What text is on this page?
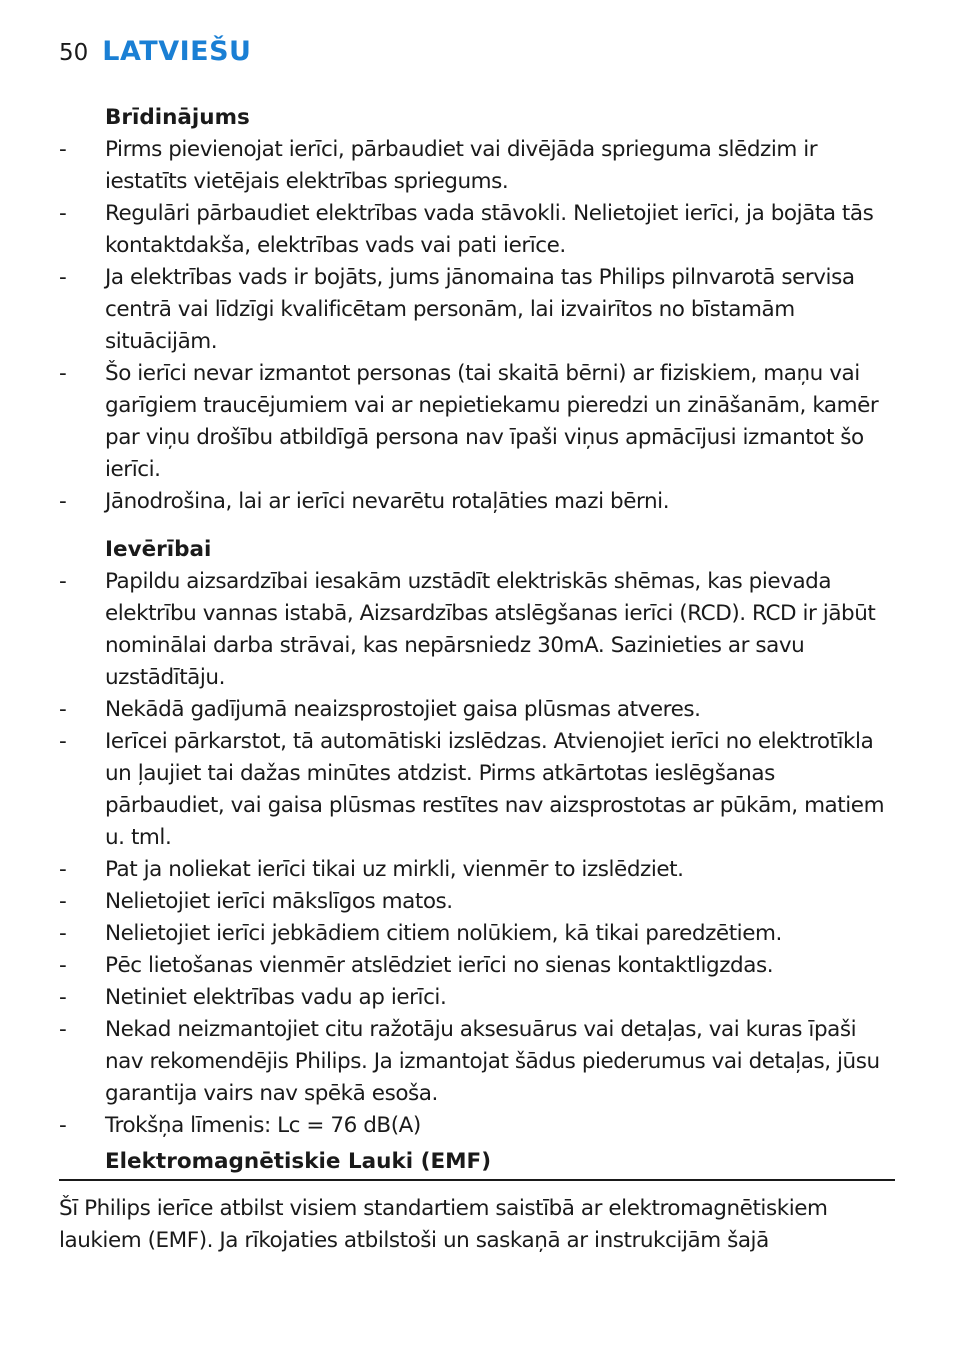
50 LATVIEŠU
Brīdinājums
-	Pirms pievienojat ierīci, pārbaudiet vai divējāda sprieguma slēdzim ir iestatīts vietējais elektrības spriegums.
-	Regulāri pārbaudiet elektrības vada stāvokli. Nelietojiet ierīci, ja bojāta tās kontaktdakša, elektrības vads vai pati ierīce.
-	Ja elektrības vads ir bojāts, jums jānomaina tas Philips pilnvarotā servisa centrā vai līdzīgi kvalificētam personām, lai izvairītos no bīstamām situācijām.
-	Šo ierīci nevar izmantot personas (tai skaitā bērni) ar fiziskiem, maņu vai garīgiem traucējumiem vai ar nepietiekamu pieredzi un zināšanām, kamēr par viņu drošību atbildīgā persona nav īpaši viņus apmācījusi izmantot šo ierīci.
-	Jānodrošina, lai ar ierīci nevarētu rotaļāties mazi bērni.
Ievērībai
-	Papildu aizsardzībai iesakām uzstādīt elektriskās shēmas, kas pievada elektrību vannas istabā, Aizsardzības atslēgšanas ierīci (RCD). RCD ir jābūt nominālai darba strāvai, kas nepārsniedz 30mA. Sazinieties ar savu uzstādītāju.
-	Nekādā gadījumā neaizsprostojiet gaisa plūsmas atveres.
-	Ierīcei pārkarstot, tā automātiski izslēdzas. Atvienojiet ierīci no elektrotīkla un ļaujiet tai dažas minūtes atdzist. Pirms atkārtotas ieslēgšanas pārbaudiet, vai gaisa plūsmas restītes nav aizsprostotas ar pūkām, matiem u. tml.
-	Pat ja noliekat ierīci tikai uz mirkli, vienmēr to izslēdziet.
-	Nelietojiet ierīci mākslīgos matos.
-	Nelietojiet ierīci jebkādiem citiem nolūkiem, kā tikai paredzētiem.
-	Pēc lietošanas vienmēr atslēdziet ierīci no sienas kontaktligzdas.
-	Netiniet elektrības vadu ap ierīci.
-	Nekad neizmantojiet citu ražotāju aksesuārus vai detaļas, vai kuras īpaši nav rekomendējis Philips. Ja izmantojat šādus piederumus vai detaļas, jūsu garantija vairs nav spēkā esoša.
-	Trokšņa līmenis: Lc = 76 dB(A)
Elektromagnētiskie Lauki (EMF)
Šī Philips ierīce atbilst visiem standartiem saistībā ar elektromagnētiskiem laukiem (EMF). Ja rīkojaties atbilstoši un saskaņā ar instrukcijām šajā
